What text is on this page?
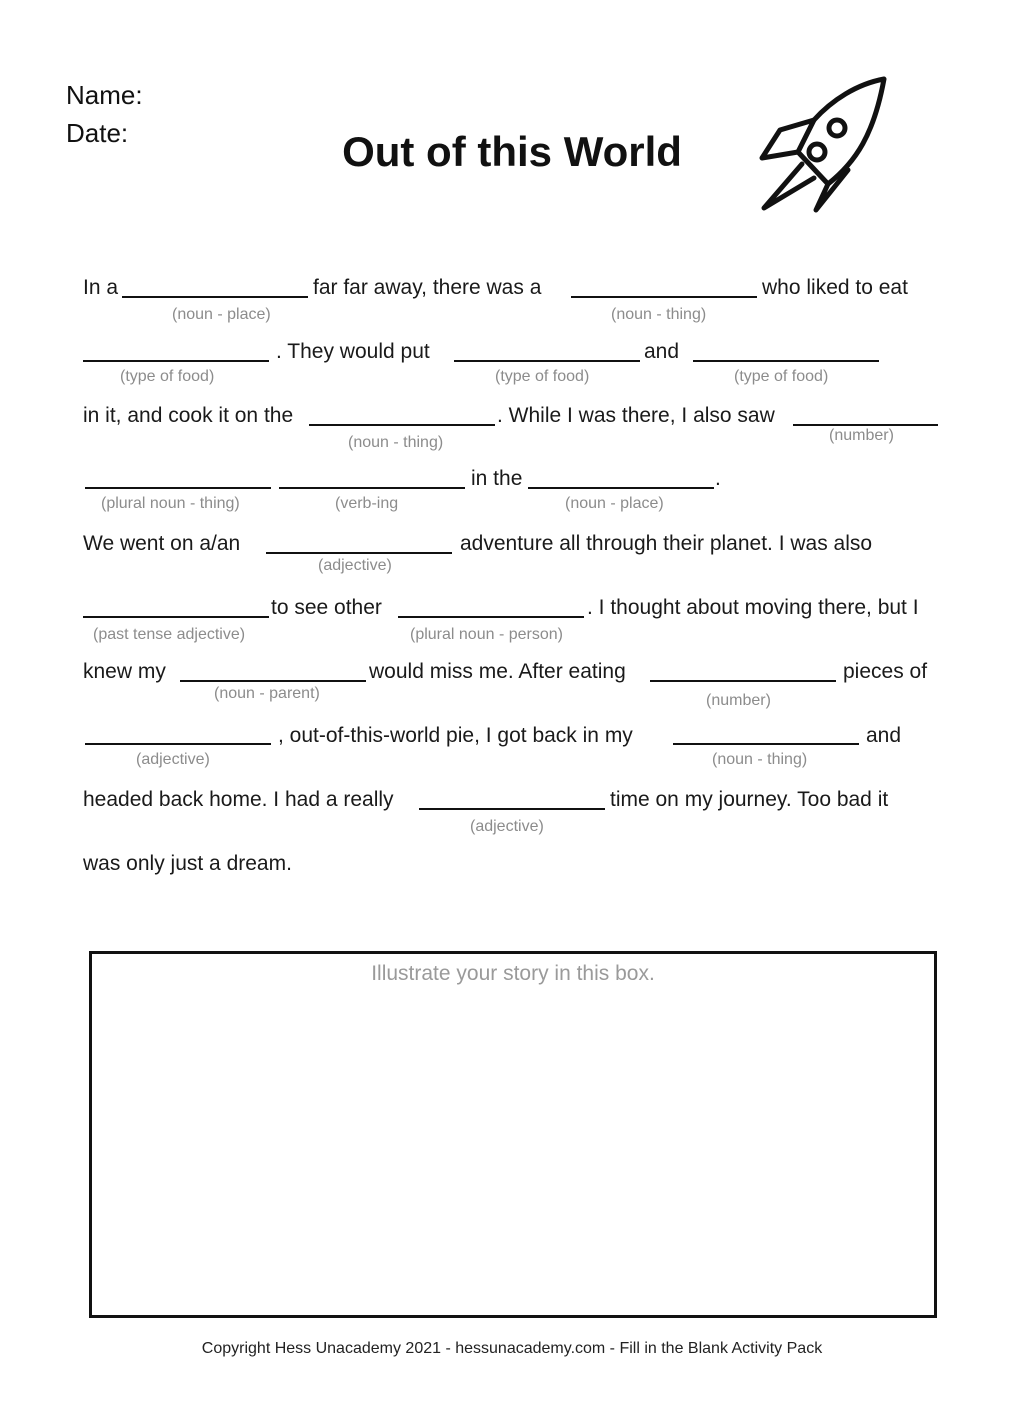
Name:
Date:	Out of this World
In a	far far away, there was a	who liked to eat
(noun - place)	(noun - thing)
. They would put	and
(type of food)	(type of food)	(type of food)
in it, and cook it on the	. While I was there, I also saw
(noun - thing)	(number)
in the	.
(plural noun - thing)	(verb-ing	(noun - place)
We went on a/an	adventure all through their planet. I was also
(adjective)
to see other	. I thought about moving there, but I
(past tense adjective)	(plural noun - person)
knew my	would miss me. After eating	pieces of
(noun - parent)	(number)
, out-of-this-world pie, I got back in my	and
(adjective)	(noun - thing)
headed back home. I had a really	time on my journey. Too bad it
(adjective)
was only just a dream.
Illustrate your story in this box.
Copyright Hess Unacademy 2021 - hessunacademy.com - Fill in the Blank Activity Pack
